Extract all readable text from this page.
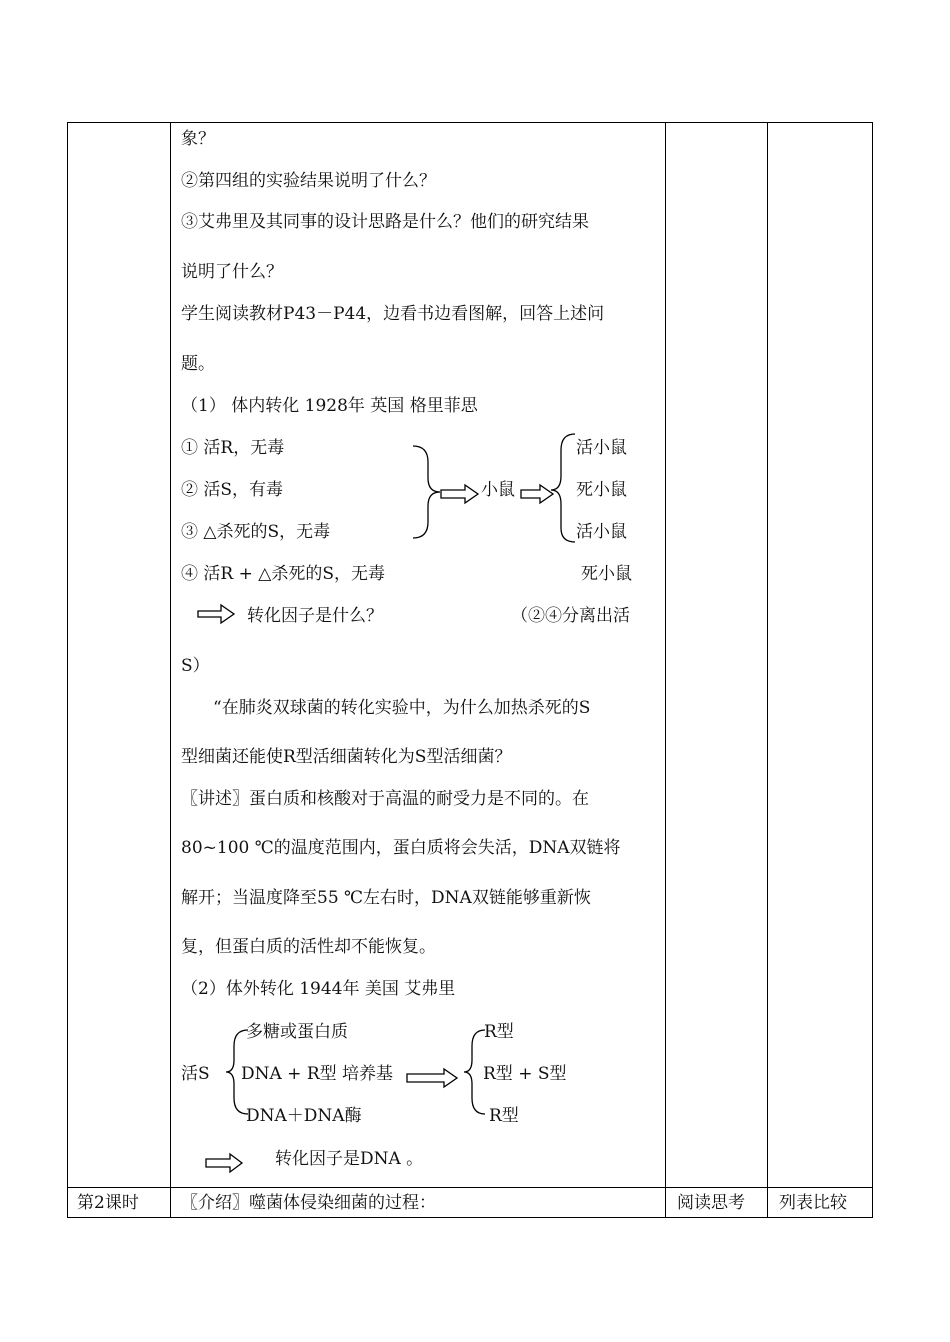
象？
②第四组的实验结果说明了什么？
③艾弗里及其同事的设计思路是什么？他们的研究结果
说明了什么？
学生阅读教材P43－P44，边看书边看图解，回答上述问
题。
（1） 体内转化 1928年 英国 格里菲思
① 活R，无毒
② 活S，有毒
③ △杀死的S，无毒
④ 活R + △杀死的S，无毒
小鼠
活小鼠
死小鼠
活小鼠
死小鼠
转化因子是什么？	（②④分离出活
S）
“在肺炎双球菌的转化实验中，为什么加热杀死的S
型细菌还能使R型活细菌转化为S型活细菌？
〖讲述〗蛋白质和核酸对于高温的耐受力是不同的。在
80~100 ℃的温度范围内，蛋白质将会失活，DNA双链将
解开；当温度降至55 ℃左右时，DNA双链能够重新恢
复，但蛋白质的活性却不能恢复。
（2）体外转化 1944年 美国 艾弗里
活S
多糖或蛋白质
DNA + R型 培养基
DNA＋DNA酶
R型
R型 + S型
R型
转化因子是DNA 。
第2课时 〖介绍〗噬菌体侵染细菌的过程：	阅读思考 列表比较
